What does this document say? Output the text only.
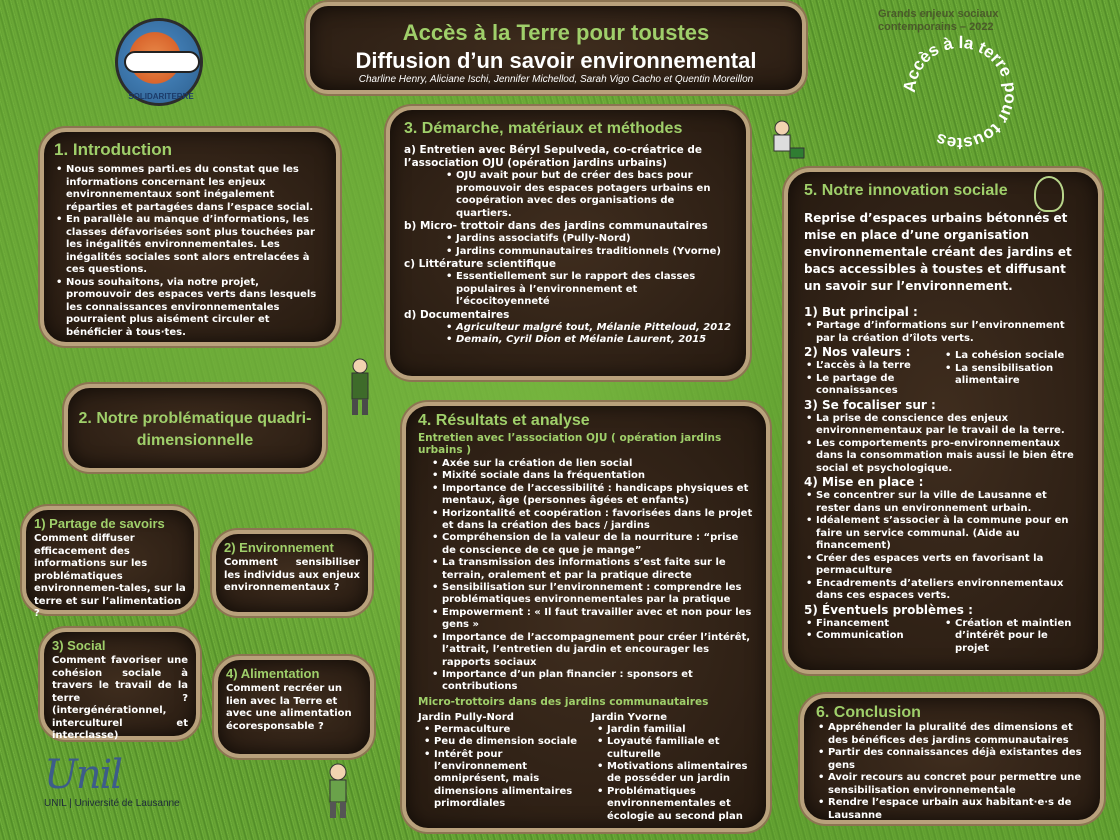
Accès à la Terre pour toustes
Diffusion d’un savoir environnemental
Charline Henry, Aliciane Ischi, Jennifer Michellod, Sarah Vigo Cacho et Quentin Moreillon
SOLIDARITERRE
Grands enjeux sociaux contemporains – 2022
Accès à la terre pour toustes
1. Introduction
• Nous sommes parti.es du constat que les informations concernant les enjeux environnementaux sont inégalement réparties et partagées dans l’espace social.
• En parallèle au manque d’informations, les classes défavorisées sont plus touchées par les inégalités environnementales. Les inégalités sociales sont alors entrelacées à ces questions.
• Nous souhaitons, via notre projet, promouvoir des espaces verts dans lesquels les connaissances environnementales pourraient plus aisément circuler et bénéficier à tous·tes.
3. Démarche, matériaux et méthodes
a) Entretien avec Béryl Sepulveda, co-créatrice de l’association OJU (opération jardins urbains)
• OJU avait pour but de créer des bacs pour promouvoir des espaces potagers urbains en coopération avec des organisations de quartiers.
b) Micro- trottoir dans des jardins communautaires
• Jardins associatifs (Pully-Nord)
• Jardins communautaires traditionnels (Yvorne)
c) Littérature scientifique
• Essentiellement sur le rapport des classes populaires à l’environnement et l’écocitoyenneté
d) Documentaires
• Agriculteur malgré tout, Mélanie Pitteloud, 2012
• Demain, Cyril Dion et Mélanie Laurent, 2015
2. Notre problématique quadri-dimensionnelle
1) Partage de savoirs
Comment diffuser efficacement des informations sur les problématiques environnemen-tales, sur la terre et sur l’alimentation ?
2) Environnement
Comment sensibiliser les individus aux enjeux environnementaux ?
3) Social
Comment favoriser une cohésion sociale à travers le travail de la terre ? (intergénérationnel, interculturel et interclasse)
4) Alimentation
Comment recréer un lien avec la Terre et avec une alimentation écoresponsable ?
4. Résultats et analyse
Entretien avec l’association OJU ( opération jardins urbains )
• Axée sur la création de lien social
• Mixité sociale dans la fréquentation
• Importance de l’accessibilité : handicaps physiques et mentaux, âge (personnes âgées et enfants)
• Horizontalité et coopération : favorisées dans le projet et dans la création des bacs / jardins
• Compréhension de la valeur de la nourriture : “prise de conscience de ce que je mange”
• La transmission des informations s’est faite sur le terrain, oralement et par la pratique directe
• Sensibilisation sur l’environnement : comprendre les problématiques environnementales par la pratique
• Empowerment : « Il faut travailler avec et non pour les gens »
• Importance de l’accompagnement pour créer l’intérêt, l’attrait, l’entretien du jardin et encourager les rapports sociaux
• Importance d’un plan financier : sponsors et contributions
Micro-trottoirs dans des jardins communautaires
Jardin Pully-Nord
• Permaculture
• Peu de dimension sociale
• Intérêt pour l’environnement omniprésent, mais dimensions alimentaires primordiales
Jardin Yvorne
• Jardin familial
• Loyauté familiale et culturelle
• Motivations alimentaires de posséder un jardin
• Problématiques environnementales et écologie au second plan
5. Notre innovation sociale
Reprise d’espaces urbains bétonnés et mise en place d’une organisation environnementale créant des jardins et bacs accessibles à toustes et diffusant un savoir sur l’environnement.
1) But principal :
• Partage d’informations sur l’environnement par la création d’îlots verts.
2) Nos valeurs :
• L’accès à la terre
• Le partage de connaissances
• La cohésion sociale
• La sensibilisation alimentaire
3) Se focaliser sur :
• La prise de conscience des enjeux environnementaux par le travail de la terre.
• Les comportements pro-environnementaux dans la consommation mais aussi le bien être social et psychologique.
4) Mise en place :
• Se concentrer sur la ville de Lausanne et rester dans un environnement urbain.
• Idéalement s’associer à la commune pour en faire un service communal. (Aide au financement)
• Créer des espaces verts en favorisant la permaculture
• Encadrements d’ateliers environnementaux dans ces espaces verts.
5) Éventuels problèmes :
• Financement
• Communication
• Création et maintien d’intérêt pour le projet
6. Conclusion
• Appréhender la pluralité des dimensions et des bénéfices des jardins communautaires
• Partir des connaissances déjà existantes des gens
• Avoir recours au concret pour permettre une sensibilisation environnementale
• Rendre l’espace urbain aux habitant·e·s de Lausanne
Unil
UNIL | Université de Lausanne
